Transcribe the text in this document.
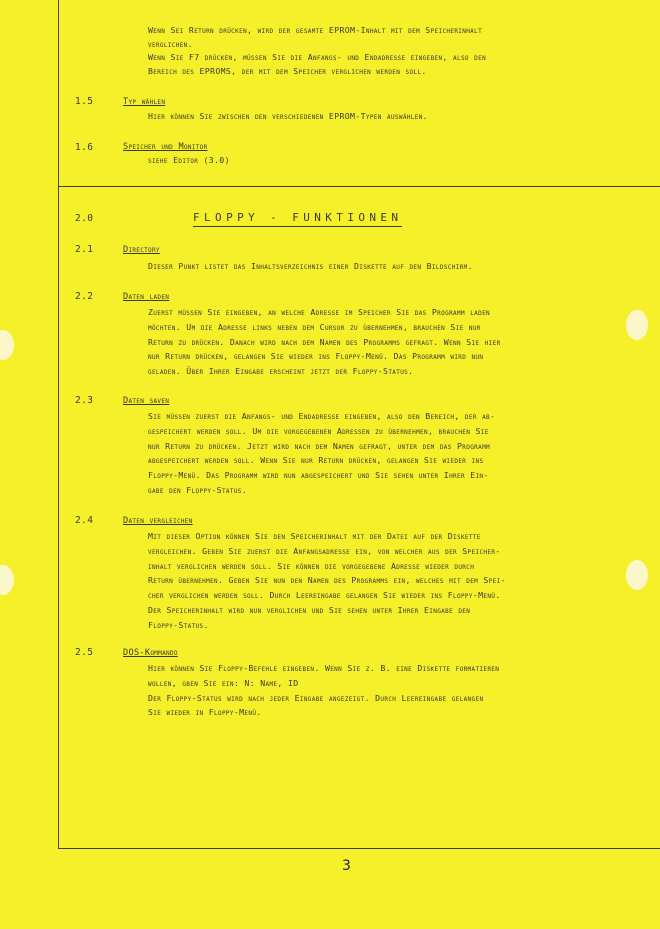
Wenn Sei Return drücken, wird der gesamte EPROM-Inhalt mit dem Speicherinhalt
verglichen.
Wenn Sie F7 drücken, müssen Sie die Anfangs- und Endadresse eingeben, also den
Bereich des EPROMS, der mit dem Speicher verglichen werden soll.
1.5	Typ wählen
Hier können Sie zwischen den verschiedenen EPROM-Typen auswählen.
1.6	Speicher und Monitor
siehe Editor (3.0)
2.0	FLOPPY - FUNKTIONEN
2.1	Directory
Dieser Punkt listet das Inhaltsverzeichnis einer Diskette auf den Bildschirm.
2.2	Daten laden
Zuerst müssen Sie eingeben, an welche Adresse im Speicher Sie das Programm laden
möchten. Um die Adresse links neben dem Cursor zu übernehmen, brauchen Sie nur
Return zu drücken. Danach wird nach dem Namen des Programms gefragt. Wenn Sie hier
nur Return drücken, gelangen Sie wieder ins Floppy-Menü. Das Programm wird nun
geladen. Über Ihrer Eingabe erscheint jetzt der Floppy-Status.
2.3	Daten saven
Sie müssen zuerst die Anfangs- und Endadresse eingeben, also den Bereich, der ab-
gespeichert werden soll. Um die vorgegebenen Adressen zu übernehmen, brauchen Sie
nur Return zu drücken. Jetzt wird nach dem Namen gefragt, unter dem das Programm
abgespeichert werden soll. Wenn Sie nur Return drücken, gelangen Sie wieder ins
Floppy-Menü. Das Programm wird nun abgespeichert und Sie sehen unter Ihrer Ein-
gabe den Floppy-Status.
2.4	Daten vergleichen
Mit dieser Option können Sie den Speicherinhalt mit der Datei auf der Diskette
vergleichen. Geben Sie zuerst die Anfangsadresse ein, von welcher aus der Speicher-
inhalt verglichen werden soll. Sie können die vorgegebene Adresse wieder durch
Return übernehmen. Geben Sie nun den Namen des Programms ein, welches mit dem Spei-
cher verglichen werden soll. Durch Leereingabe gelangen Sie wieder ins Floppy-Menü.
Der Speicherinhalt wird nun verglichen und Sie sehen unter Ihrer Eingabe den
Floppy-Status.
2.5	DOS-Kommando
Hier können Sie Floppy-Befehle eingeben. Wenn Sie z. B. eine Diskette formatieren
wollen, gben Sie ein: N: Name, ID
Der Floppy-Status wird nach jeder Eingabe angezeigt. Durch Leereingabe gelangen
Sie wieder in Floppy-Menü.
3
